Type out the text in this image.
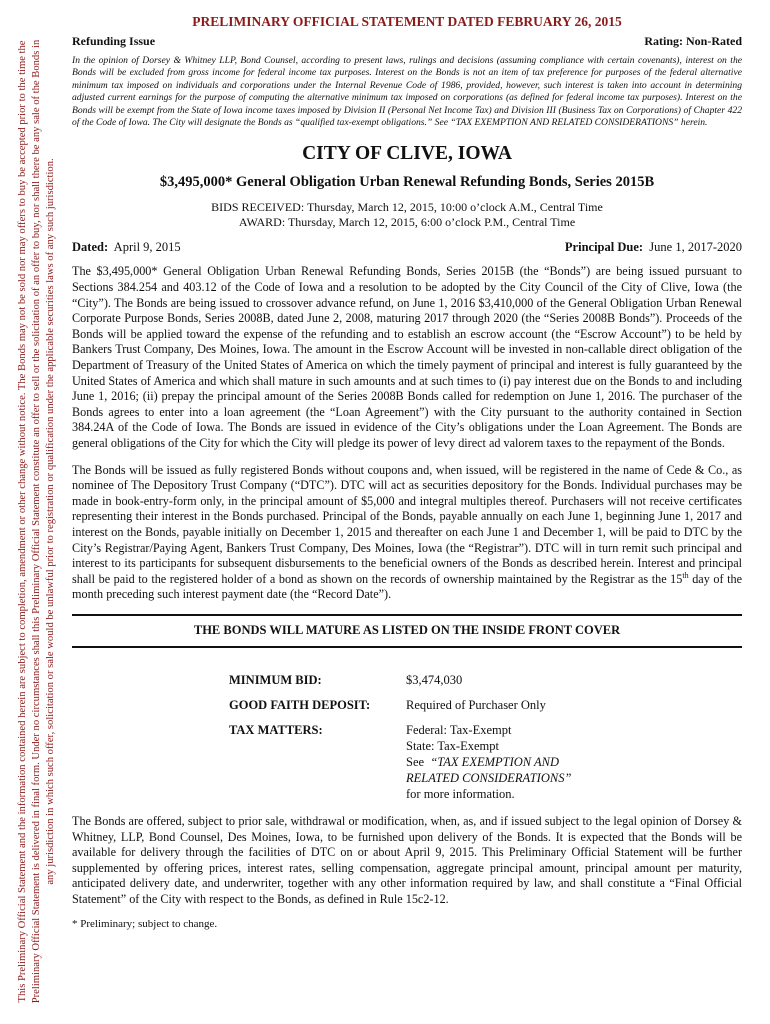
This Preliminary Official Statement and the information contained herein are subject to completion, amendment or other change without notice. The Bonds may not be sold nor may offers to buy be accepted prior to the time the Preliminary Official Statement is delivered in final form. Under no circumstances shall this Preliminary Official Statement constitute an offer to sell or the solicitation of an offer to buy, nor shall there be any sale of the Bonds in any jurisdiction in which such offer, solicitation or sale would be unlawful prior to registration or qualification under the applicable securities laws of any such jurisdiction.
PRELIMINARY OFFICIAL STATEMENT DATED FEBRUARY 26, 2015
Refunding Issue	Rating: Non-Rated

In the opinion of Dorsey & Whitney LLP, Bond Counsel, according to present laws, rulings and decisions (assuming compliance with certain covenants), interest on the Bonds will be excluded from gross income for federal income tax purposes. Interest on the Bonds is not an item of tax preference for purposes of the federal alternative minimum tax imposed on individuals and corporations under the Internal Revenue Code of 1986, provided, however, such interest is taken into account in determining adjusted current earnings for the purpose of computing the alternative minimum tax imposed on corporations (as defined for federal income tax purposes). Interest on the Bonds will be exempt from the State of Iowa income taxes imposed by Division II (Personal Net Income Tax) and Division III (Business Tax on Corporations) of Chapter 422 of the Code of Iowa. The City will designate the Bonds as “qualified tax-exempt obligations.” See “TAX EXEMPTION AND RELATED CONSIDERATIONS” herein.

CITY OF CLIVE, IOWA
$3,495,000* General Obligation Urban Renewal Refunding Bonds, Series 2015B
BIDS RECEIVED: Thursday, March 12, 2015, 10:00 o’clock A.M., Central Time
AWARD: Thursday, March 12, 2015, 6:00 o’clock P.M., Central Time
Dated: April 9, 2015	Principal Due: June 1, 2017-2020

The $3,495,000* General Obligation Urban Renewal Refunding Bonds, Series 2015B (the “Bonds”) are being issued pursuant to Sections 384.254 and 403.12 of the Code of Iowa and a resolution to be adopted by the City Council of the City of Clive, Iowa (the “City”). The Bonds are being issued to crossover advance refund, on June 1, 2016 $3,410,000 of the General Obligation Urban Renewal Corporate Purpose Bonds, Series 2008B, dated June 2, 2008, maturing 2017 through 2020 (the “Series 2008B Bonds”). Proceeds of the Bonds will be applied toward the expense of the refunding and to establish an escrow account (the “Escrow Account”) to be held by Bankers Trust Company, Des Moines, Iowa. The amount in the Escrow Account will be invested in non-callable direct obligation of the Department of Treasury of the United States of America on which the timely payment of principal and interest is fully guaranteed by the United States of America and which shall mature in such amounts and at such times to (i) pay interest due on the Bonds to and including June 1, 2016; (ii) prepay the principal amount of the Series 2008B Bonds called for redemption on June 1, 2016. The purchaser of the Bonds agrees to enter into a loan agreement (the “Loan Agreement”) with the City pursuant to the authority contained in Section 384.24A of the Code of Iowa. The Bonds are issued in evidence of the City’s obligations under the Loan Agreement. The Bonds are general obligations of the City for which the City will pledge its power of levy direct ad valorem taxes to the repayment of the Bonds.

The Bonds will be issued as fully registered Bonds without coupons and, when issued, will be registered in the name of Cede & Co., as nominee of The Depository Trust Company (“DTC”). DTC will act as securities depository for the Bonds. Individual purchases may be made in book-entry-form only, in the principal amount of $5,000 and integral multiples thereof. Purchasers will not receive certificates representing their interest in the Bonds purchased. Principal of the Bonds, payable annually on each June 1, beginning June 1, 2017 and interest on the Bonds, payable initially on December 1, 2015 and thereafter on each June 1 and December 1, will be paid to DTC by the City’s Registrar/Paying Agent, Bankers Trust Company, Des Moines, Iowa (the “Registrar”). DTC will in turn remit such principal and interest to its participants for subsequent disbursements to the beneficial owners of the Bonds as described herein. Interest and principal shall be paid to the registered holder of a bond as shown on the records of ownership maintained by the Registrar as the 15th day of the month preceding such interest payment date (the “Record Date”).

THE BONDS WILL MATURE AS LISTED ON THE INSIDE FRONT COVER
MINIMUM BID:	$3,474,030
GOOD FAITH DEPOSIT:	Required of Purchaser Only
TAX MATTERS:	Federal: Tax-Exempt
State: Tax-Exempt
See “TAX EXEMPTION AND
RELATED CONSIDERATIONS”
for more information.

The Bonds are offered, subject to prior sale, withdrawal or modification, when, as, and if issued subject to the legal opinion of Dorsey & Whitney, LLP, Bond Counsel, Des Moines, Iowa, to be furnished upon delivery of the Bonds. It is expected that the Bonds will be available for delivery through the facilities of DTC on or about April 9, 2015. This Preliminary Official Statement will be further supplemented by offering prices, interest rates, selling compensation, aggregate principal amount, principal amount per maturity, anticipated delivery date, and underwriter, together with any other information required by law, and shall constitute a “Final Official Statement” of the City with respect to the Bonds, as defined in Rule 15c2-12.

* Preliminary; subject to change.
